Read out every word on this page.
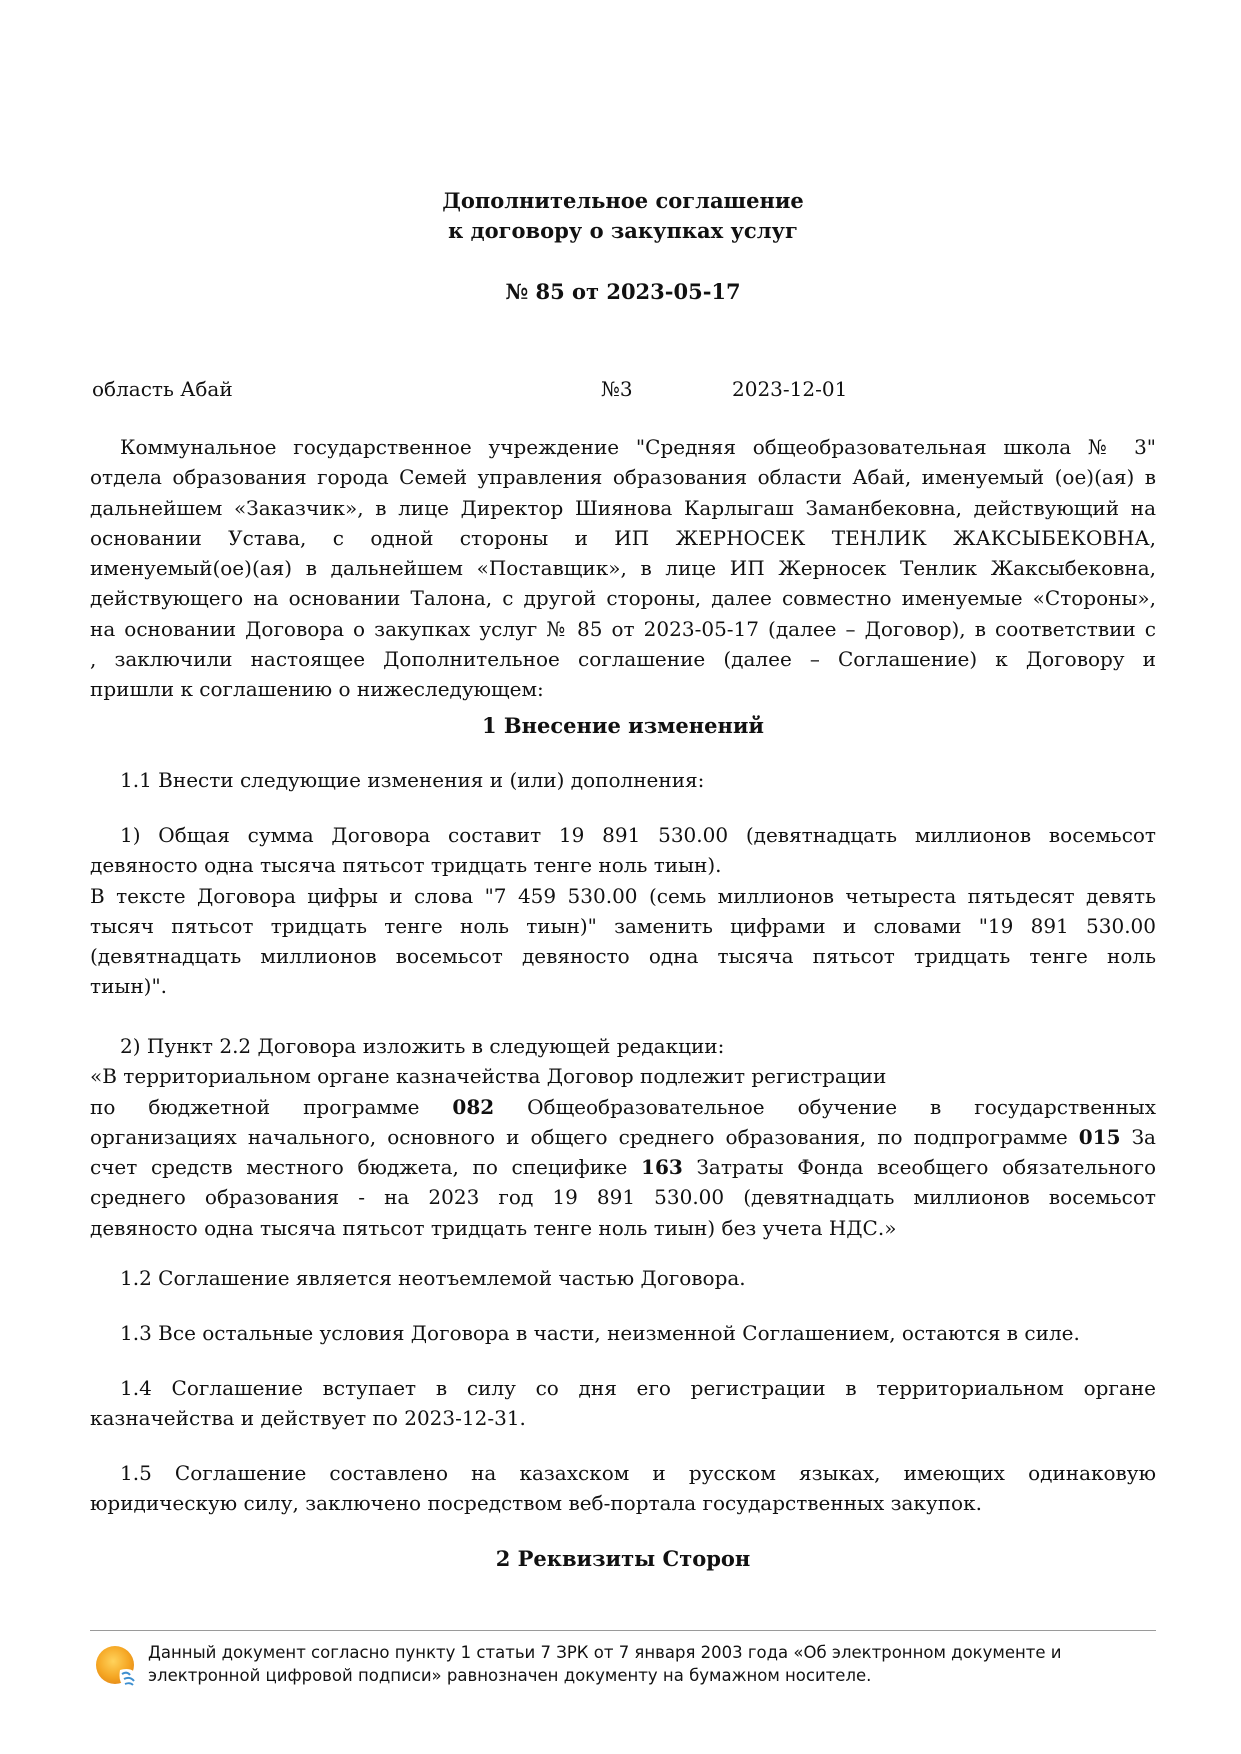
Дополнительное соглашение
к договору о закупках услуг
№ 85 от 2023-05-17
область Абай	№3	2023-12-01
Коммунальное государственное учреждение "Средняя общеобразовательная школа № 3"
отдела образования города Семей управления образования области Абай, именуемый (ое)(ая) в
дальнейшем «Заказчик», в лице Директор Шиянова Карлыгаш Заманбековна, действующий на
основании Устава, с одной стороны и ИП ЖЕРНОСЕК ТЕНЛИК ЖАКСЫБЕКОВНА,
именуемый(ое)(ая) в дальнейшем «Поставщик», в лице ИП Жерносек Тенлик Жаксыбековна,
действующего на основании Талона, с другой стороны, далее совместно именуемые «Стороны»,
на основании Договора о закупках услуг № 85 от 2023-05-17 (далее – Договор), в соответствии с
, заключили настоящее Дополнительное соглашение (далее – Соглашение) к Договору и
пришли к соглашению о нижеследующем:
1 Внесение изменений
1.1 Внести следующие изменения и (или) дополнения:
1) Общая сумма Договора составит 19 891 530.00 (девятнадцать миллионов восемьсот
девяносто одна тысяча пятьсот тридцать тенге ноль тиын).
В тексте Договора цифры и слова "7 459 530.00 (семь миллионов четыреста пятьдесят девять
тысяч пятьсот тридцать тенге ноль тиын)" заменить цифрами и словами "19 891 530.00
(девятнадцать миллионов восемьсот девяносто одна тысяча пятьсот тридцать тенге ноль
тиын)".
2) Пункт 2.2 Договора изложить в следующей редакции:
«В территориальном органе казначейства Договор подлежит регистрации
по бюджетной программе 082 Общеобразовательное обучение в государственных
организациях начального, основного и общего среднего образования, по подпрограмме 015 За
счет средств местного бюджета, по специфике 163 Затраты Фонда всеобщего обязательного
среднего образования - на 2023 год 19 891 530.00 (девятнадцать миллионов восемьсот
девяносто одна тысяча пятьсот тридцать тенге ноль тиын) без учета НДС.»
1.2 Соглашение является неотъемлемой частью Договора.
1.3 Все остальные условия Договора в части, неизменной Соглашением, остаются в силе.
1.4 Соглашение вступает в силу со дня его регистрации в территориальном органе
казначейства и действует по 2023-12-31.
1.5 Соглашение составлено на казахском и русском языках, имеющих одинаковую
юридическую силу, заключено посредством веб-портала государственных закупок.
2 Реквизиты Сторон
Данный документ согласно пункту 1 статьи 7 ЗРК от 7 января 2003 года «Об электронном документе и
электронной цифровой подписи» равнозначен документу на бумажном носителе.
